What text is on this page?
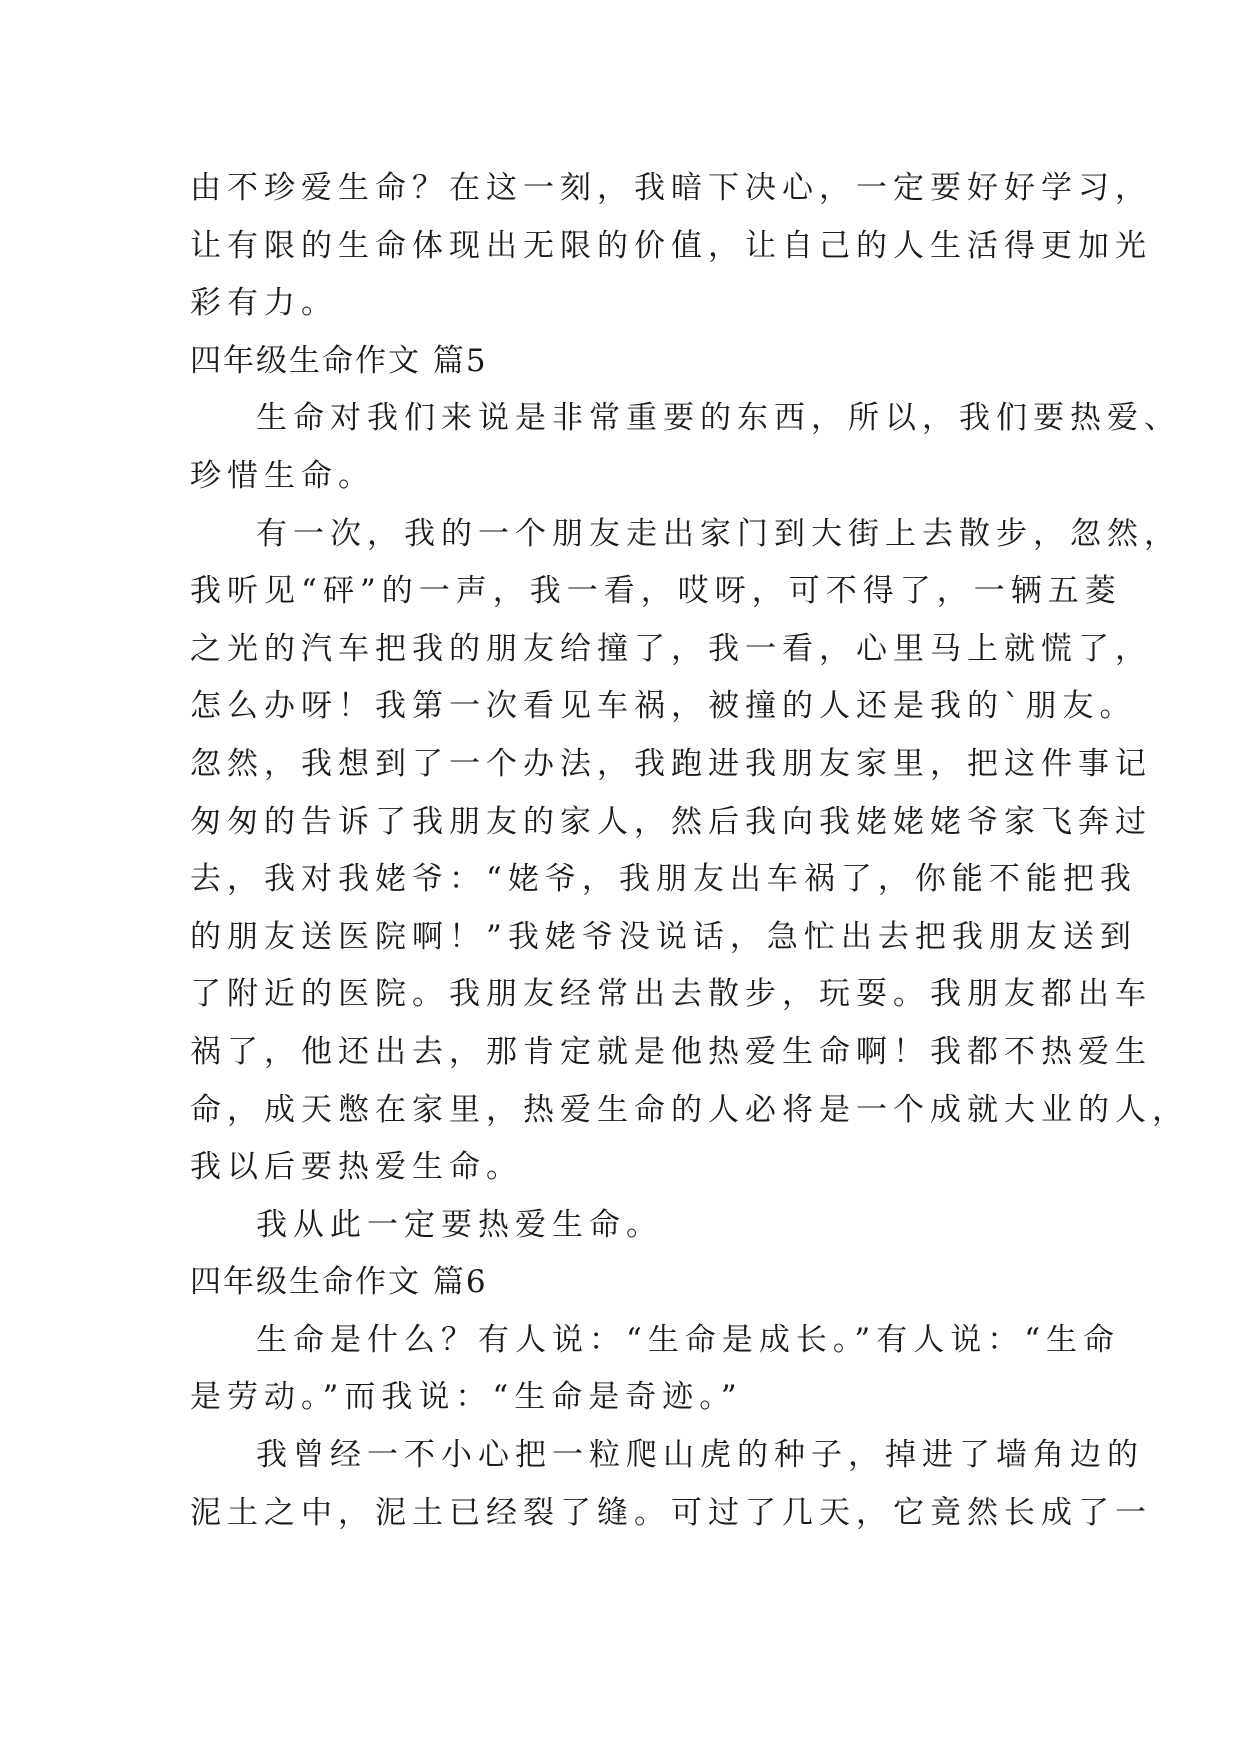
由不珍爱生命？在这一刻，我暗下决心，一定要好好学习，
让有限的生命体现出无限的价值，让自己的人生活得更加光
彩有力。
四年级生命作文 篇5
生命对我们来说是非常重要的东西，所以，我们要热爱、
珍惜生命。
有一次，我的一个朋友走出家门到大街上去散步，忽然，
我听见“砰”的一声，我一看，哎呀，可不得了，一辆五菱
之光的汽车把我的朋友给撞了，我一看，心里马上就慌了，
怎么办呀！我第一次看见车祸，被撞的人还是我的`朋友。
忽然，我想到了一个办法，我跑进我朋友家里，把这件事记
匆匆的告诉了我朋友的家人，然后我向我姥姥姥爷家飞奔过
去，我对我姥爷：“姥爷，我朋友出车祸了，你能不能把我
的朋友送医院啊！”我姥爷没说话，急忙出去把我朋友送到
了附近的医院。我朋友经常出去散步，玩耍。我朋友都出车
祸了，他还出去，那肯定就是他热爱生命啊！我都不热爱生
命，成天憋在家里，热爱生命的人必将是一个成就大业的人，
我以后要热爱生命。
我从此一定要热爱生命。
四年级生命作文 篇6
生命是什么？有人说：“生命是成长。”有人说：“生命
是劳动。”而我说：“生命是奇迹。”
我曾经一不小心把一粒爬山虎的种子，掉进了墙角边的
泥土之中，泥土已经裂了缝。可过了几天，它竟然长成了一
